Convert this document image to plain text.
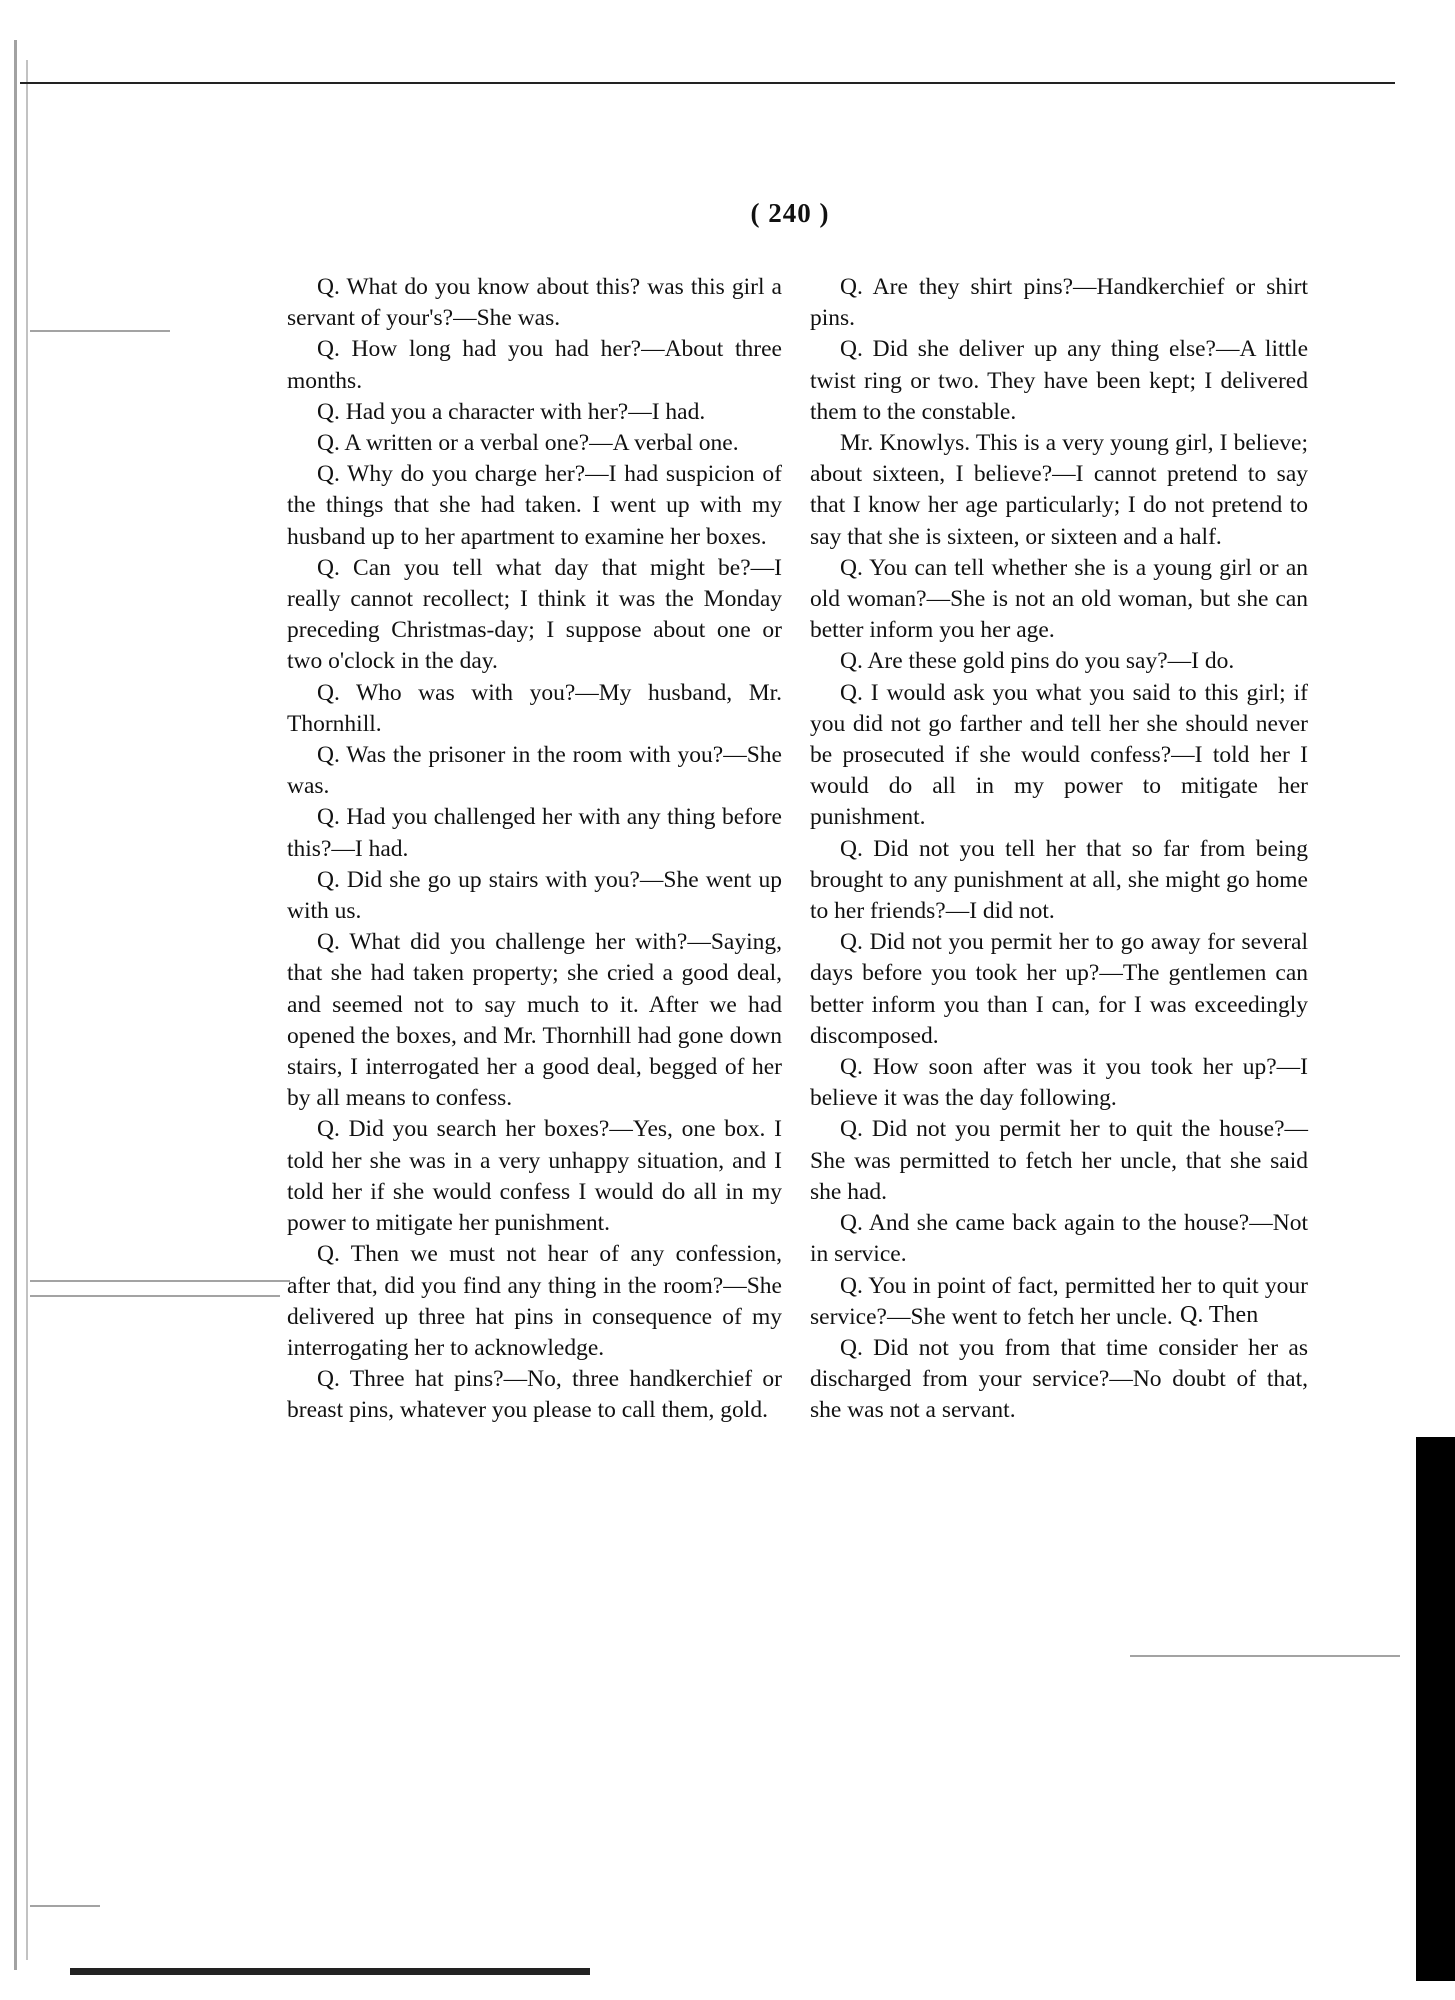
( 240 )

Q. What do you know about this? was this girl a servant of your's?—She was.

Q. How long had you had her?—About three months.

Q. Had you a character with her?—I had.

Q. A written or a verbal one?—A verbal one.

Q. Why do you charge her?—I had suspicion of the things that she had taken. I went up with my husband up to her apartment to examine her boxes.

Q. Can you tell what day that might be?—I really cannot recollect; I think it was the Monday preceding Christmas-day; I suppose about one or two o'clock in the day.

Q. Who was with you?—My husband, Mr. Thornhill.

Q. Was the prisoner in the room with you?—She was.

Q. Had you challenged her with any thing before this?—I had.

Q. Did she go up stairs with you?—She went up with us.

Q. What did you challenge her with?—Saying, that she had taken property; she cried a good deal, and seemed not to say much to it. After we had opened the boxes, and Mr. Thornhill had gone down stairs, I interrogated her a good deal, begged of her by all means to confess.

Q. Did you search her boxes?—Yes, one box. I told her she was in a very unhappy situation, and I told her if she would confess I would do all in my power to mitigate her punishment.

Q. Then we must not hear of any confession, after that, did you find any thing in the room?—She delivered up three hat pins in consequence of my interrogating her to acknowledge.

Q. Three hat pins?—No, three handkerchief or breast pins, whatever you please to call them, gold.

Q. Are they shirt pins?—Handkerchief or shirt pins.

Q. Did she deliver up any thing else?—A little twist ring or two. They have been kept; I delivered them to the constable.

Mr. Knowlys. This is a very young girl, I believe; about sixteen, I believe?—I cannot pretend to say that I know her age particularly; I do not pretend to say that she is sixteen, or sixteen and a half.

Q. You can tell whether she is a young girl or an old woman?—She is not an old woman, but she can better inform you her age.

Q. Are these gold pins do you say?—I do.

Q. I would ask you what you said to this girl; if you did not go farther and tell her she should never be prosecuted if she would confess?—I told her I would do all in my power to mitigate her punishment.

Q. Did not you tell her that so far from being brought to any punishment at all, she might go home to her friends?—I did not.

Q. Did not you permit her to go away for several days before you took her up?—The gentlemen can better inform you than I can, for I was exceedingly discomposed.

Q. How soon after was it you took her up?—I believe it was the day following.

Q. Did not you permit her to quit the house?—She was permitted to fetch her uncle, that she said she had.

Q. And she came back again to the house?—Not in service.

Q. You in point of fact, permitted her to quit your service?—She went to fetch her uncle.

Q. Did not you from that time consider her as discharged from your service?—No doubt of that, she was not a servant.

Q. Then
